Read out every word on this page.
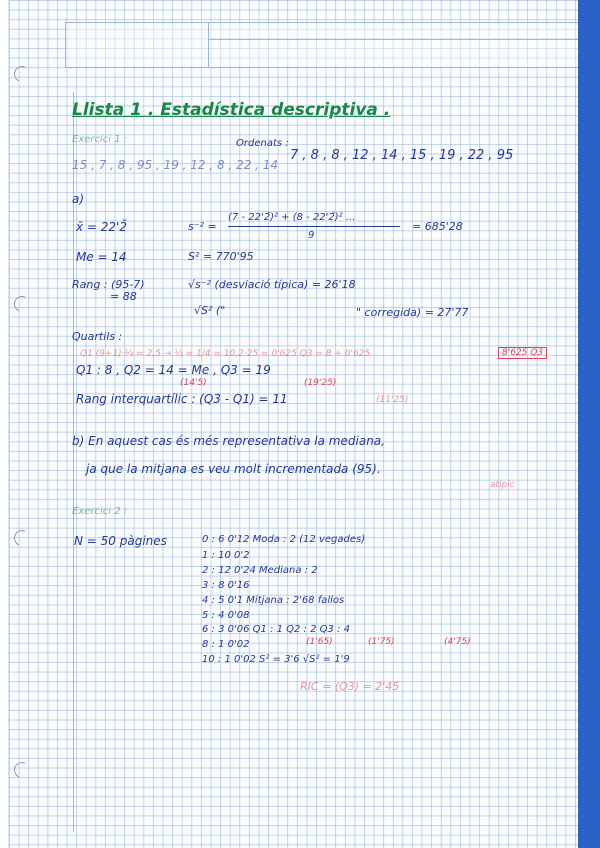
Llista 1 . Estadística descriptiva .
Exercici 1 :	Ordenats :
7 , 8 , 8 , 12 , 14 , 15 , 19 , 22 , 95
15 , 7 , 8 , 95 , 19 , 12 , 8 , 22 , 14
a)
x̄ = 22'2̄	s⁻² =
(7 - 22'2̄)² + (8 - 22'2̄)² ...
9
= 685'28
Me = 14	S² = 770'95
Rang : (95-7)
= 88
√s⁻² (desviació típica) = 26'18
√S² ("	" corregida) = 27'77
Quartils :
Q1 (9+1)·¼ = 2,5 → ½ = 1/4 = 10,2·25 = 0'625 Q3 = 8 + 0'625	8'625 Q3
Q1 : 8 , Q2 = 14 = Me , Q3 = 19
(14'5)	(19'25)
Rang interquartílic : (Q3 - Q1) = 11	(11'25)
b) En aquest cas és més representativa la mediana,
ja que la mitjana es veu molt incrementada (95).
atípic
Exercici 2 :
N = 50 pàgines	0 : 6 0'12 Moda : 2 (12 vegades)
1 : 10 0'2
2 : 12 0'24 Mediana : 2
3 : 8 0'16
4 : 5 0'1 Mitjana : 2'68 fallos
5 : 4 0'08
6 : 3 0'06 Q1 : 1 Q2 : 2 Q3 : 4
8 : 1 0'02
10 : 1 0'02 S² = 3'6 √S² = 1'9
(1'65)	(1'75)	(4'75)
RIC = (Q3) = 2'45
